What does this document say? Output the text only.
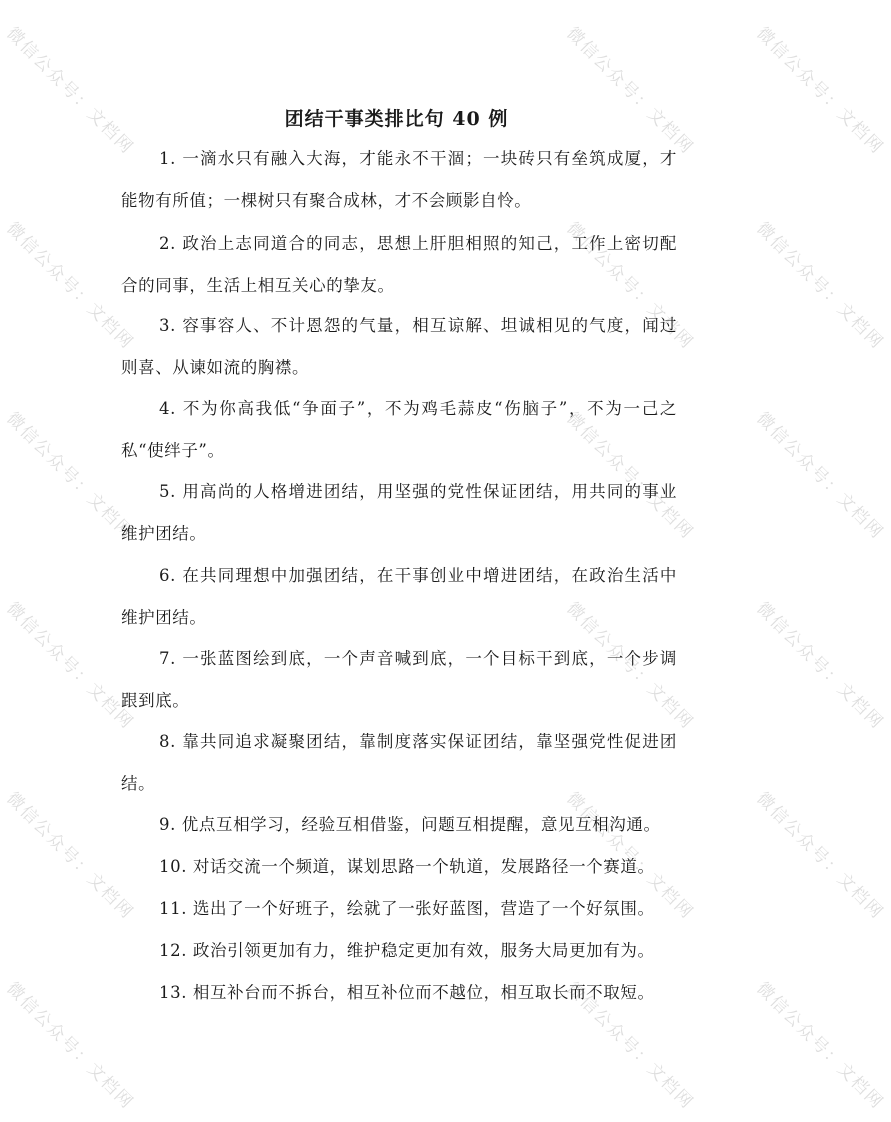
微信公众号：文档网	微信公众号：文档网	微信公众号：文档网
微信公众号：文档网	微信公众号：文档网	微信公众号：文档网
微信公众号：文档网	微信公众号：文档网	微信公众号：文档网
微信公众号：文档网	微信公众号：文档网	微信公众号：文档网
微信公众号：文档网	微信公众号：文档网	微信公众号：文档网
微信公众号：文档网	微信公众号：文档网	微信公众号：文档网
团结干事类排比句 40 例

1. 一滴水只有融入大海，才能永不干涸；一块砖只有垒筑成厦，才能物有所值；一棵树只有聚合成林，才不会顾影自怜。

2. 政治上志同道合的同志，思想上肝胆相照的知己，工作上密切配合的同事，生活上相互关心的挚友。

3. 容事容人、不计恩怨的气量，相互谅解、坦诚相见的气度，闻过则喜、从谏如流的胸襟。

4. 不为你高我低“争面子”，不为鸡毛蒜皮“伤脑子”，不为一己之私“使绊子”。

5. 用高尚的人格增进团结，用坚强的党性保证团结，用共同的事业维护团结。

6. 在共同理想中加强团结，在干事创业中增进团结，在政治生活中维护团结。

7. 一张蓝图绘到底，一个声音喊到底，一个目标干到底，一个步调跟到底。

8. 靠共同追求凝聚团结，靠制度落实保证团结，靠坚强党性促进团结。

9. 优点互相学习，经验互相借鉴，问题互相提醒，意见互相沟通。

10. 对话交流一个频道，谋划思路一个轨道，发展路径一个赛道。

11. 选出了一个好班子，绘就了一张好蓝图，营造了一个好氛围。

12. 政治引领更加有力，维护稳定更加有效，服务大局更加有为。

13. 相互补台而不拆台，相互补位而不越位，相互取长而不取短。
